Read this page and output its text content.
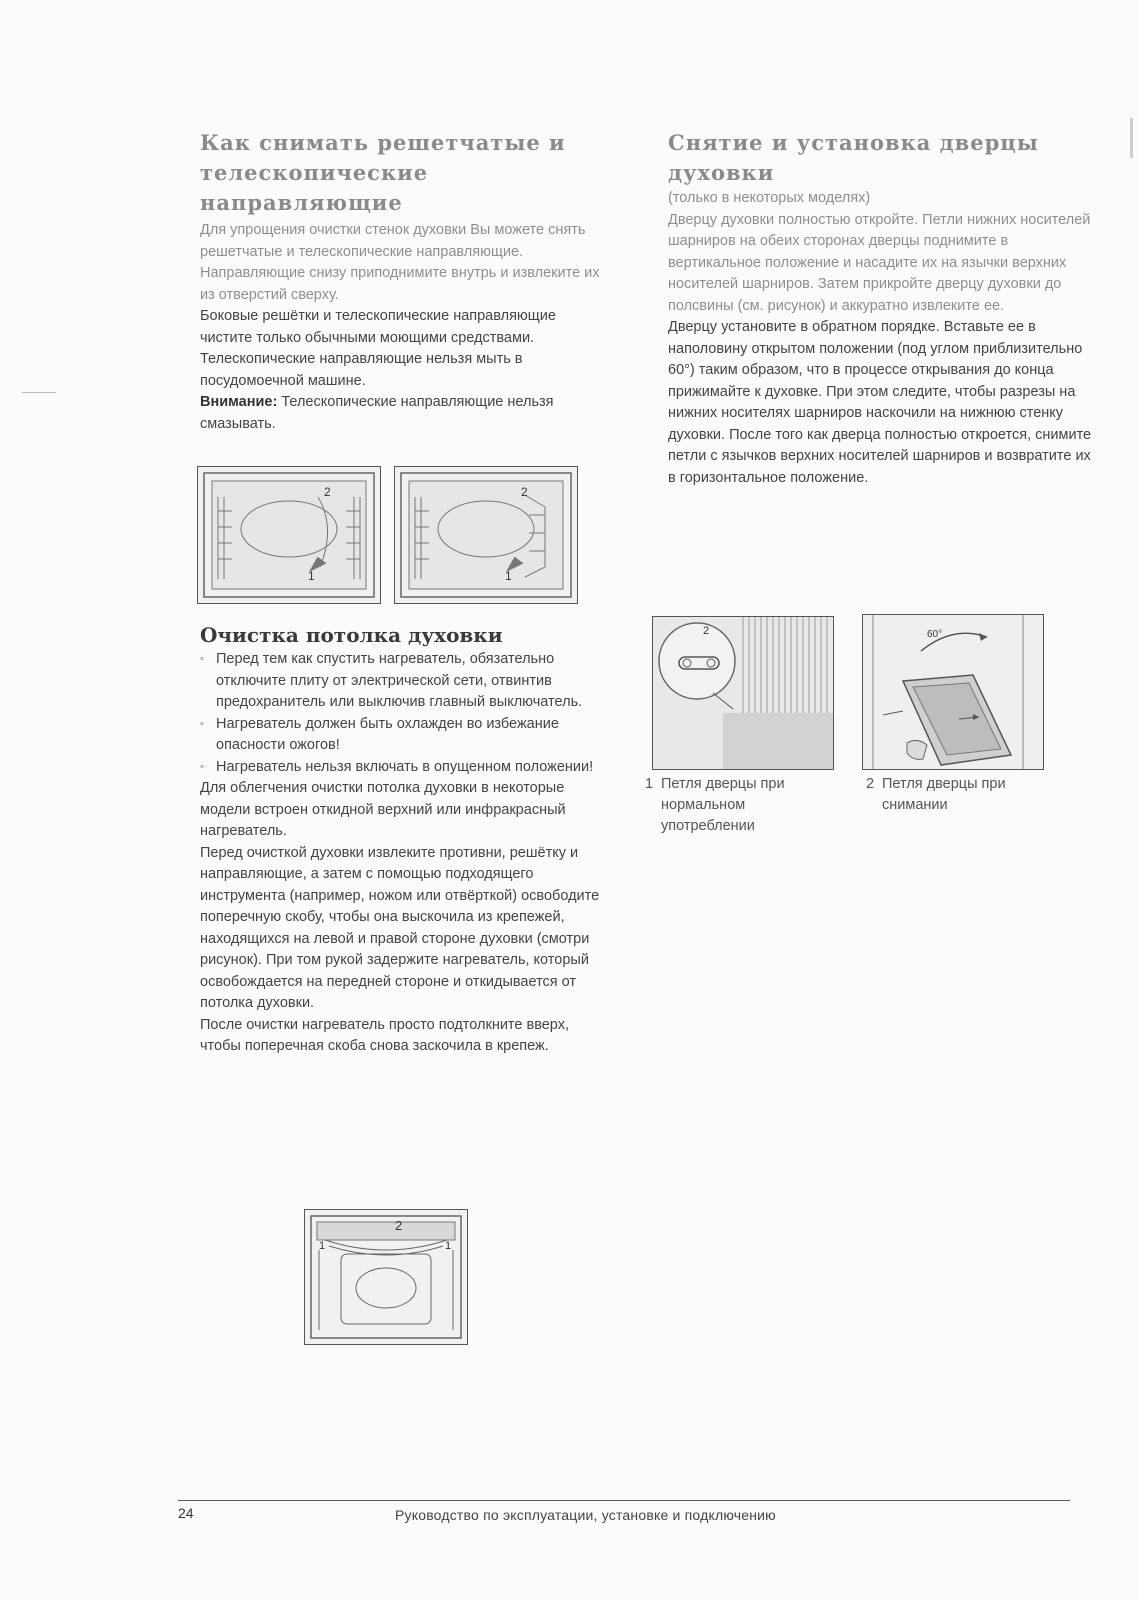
Как снимать решетчатые и телескопические направляющие

Для упрощения очистки стенок духовки Вы можете снять решетчатые и телескопические направляющие. Направляющие снизу приподнимите внутрь и извлеките их из отверстий сверху.

Боковые решётки и телескопические направляющие чистите только обычными моющими средствами.

Телескопические направляющие нельзя мыть в посудомоечной машине.

Внимание: Телескопические направляющие нельзя смазывать.

Очистка потолка духовки
◦ Перед тем как спустить нагреватель, обязательно отключите плиту от электрической сети, отвинтив предохранитель или выключив главный выключатель.
◦ Нагреватель должен быть охлажден во избежание опасности ожогов!
◦ Нагреватель нельзя включать в опущенном положении!

Для облегчения очистки потолка духовки в некоторые модели встроен откидной верхний или инфракрасный нагреватель.

Перед очисткой духовки извлеките противни, решётку и направляющие, а затем с помощью подходящего инструмента (например, ножом или отвёрткой) освободите поперечную скобу, чтобы она выскочила из крепежей, находящихся на левой и правой стороне духовки (смотри рисунок). При том рукой задержите нагреватель, который освобождается на передней стороне и откидывается от потолка духовки.

После очистки нагреватель просто подтолкните вверх, чтобы поперечная скоба снова заскочила в крепеж.

Снятие и установка дверцы духовки

(только в некоторых моделях)

Дверцу духовки полностью откройте. Петли нижних носителей шарниров на обеих сторонах дверцы поднимите в вертикальное положение и насадите их на язычки верхних носителей шарниров. Затем прикройте дверцу духовки до полсвины (см. рисунок) и аккуратно извлеките ее.

Дверцу установите в обратном порядке. Вставьте ее в наполовину открытом положении (под углом приблизительно 60°) таким образом, что в процессе открывания до конца прижимайте к духовке. При этом следите, чтобы разрезы на нижних носителях шарниров наскочили на нижнюю стенку духовки. После того как дверца полностью откроется, снимите петли с язычков верхних носителей шарниров и возвратите их в горизонтальное положение.

2
1
2
1
2	60°
1 Петля дверцы при
нормальном
употреблении
2 Петля дверцы при
снимании
2
1	1
24	Руководство по эксплуатации, установке и подключению
